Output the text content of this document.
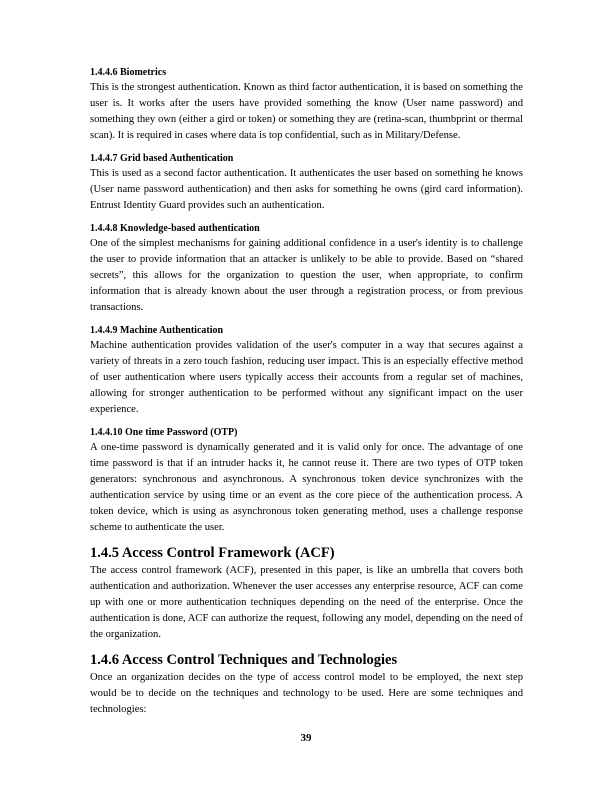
1.4.4.6 Biometrics

This is the strongest authentication. Known as third factor authentication, it is based on something the user is. It works after the users have provided something the know (User name password) and something they own (either a gird or token) or something they are (retina-scan, thumbprint or thermal scan). It is required in cases where data is top confidential, such as in Military/Defense.

1.4.4.7 Grid based Authentication

This is used as a second factor authentication. It authenticates the user based on something he knows (User name password authentication) and then asks for something he owns (gird card information). Entrust Identity Guard provides such an authentication.

1.4.4.8 Knowledge-based authentication

One of the simplest mechanisms for gaining additional confidence in a user's identity is to challenge the user to provide information that an attacker is unlikely to be able to provide. Based on “shared secrets”, this allows for the organization to question the user, when appropriate, to confirm information that is already known about the user through a registration process, or from previous transactions.

1.4.4.9 Machine Authentication

Machine authentication provides validation of the user's computer in a way that secures against a variety of threats in a zero touch fashion, reducing user impact. This is an especially effective method of user authentication where users typically access their accounts from a regular set of machines, allowing for stronger authentication to be performed without any significant impact on the user experience.

1.4.4.10 One time Password (OTP)

A one-time password is dynamically generated and it is valid only for once. The advantage of one time password is that if an intruder hacks it, he cannot reuse it. There are two types of OTP token generators: synchronous and asynchronous. A synchronous token device synchronizes with the authentication service by using time or an event as the core piece of the authentication process. A token device, which is using as asynchronous token generating method, uses a challenge response scheme to authenticate the user.

1.4.5 Access Control Framework (ACF)

The access control framework (ACF), presented in this paper, is like an umbrella that covers both authentication and authorization. Whenever the user accesses any enterprise resource, ACF can come up with one or more authentication techniques depending on the need of the enterprise. Once the authentication is done, ACF can authorize the request, following any model, depending on the need of the organization.

1.4.6 Access Control Techniques and Technologies

Once an organization decides on the type of access control model to be employed, the next step would be to decide on the techniques and technology to be used. Here are some techniques and technologies:

39
